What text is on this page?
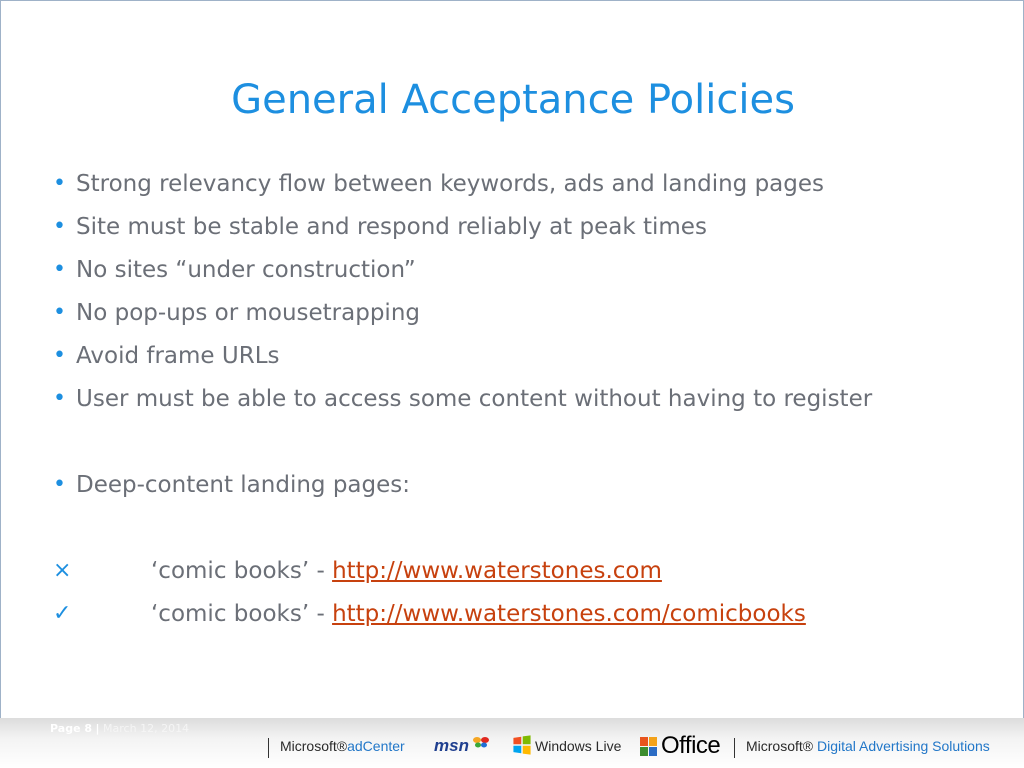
General Acceptance Policies
• Strong relevancy flow between keywords, ads and landing pages
• Site must be stable and respond reliably at peak times
• No sites “under construction”
• No pop-ups or mousetrapping
• Avoid frame URLs
• User must be able to access some content without having to register
• Deep-content landing pages:
×	‘comic books’ - http://www.waterstones.com
✓	‘comic books’ - http://www.waterstones.com/comicbooks
Page 8 | March 12, 2014
Microsoft®adCenter msn	Windows Live	Office Microsoft® Digital Advertising Solutions
